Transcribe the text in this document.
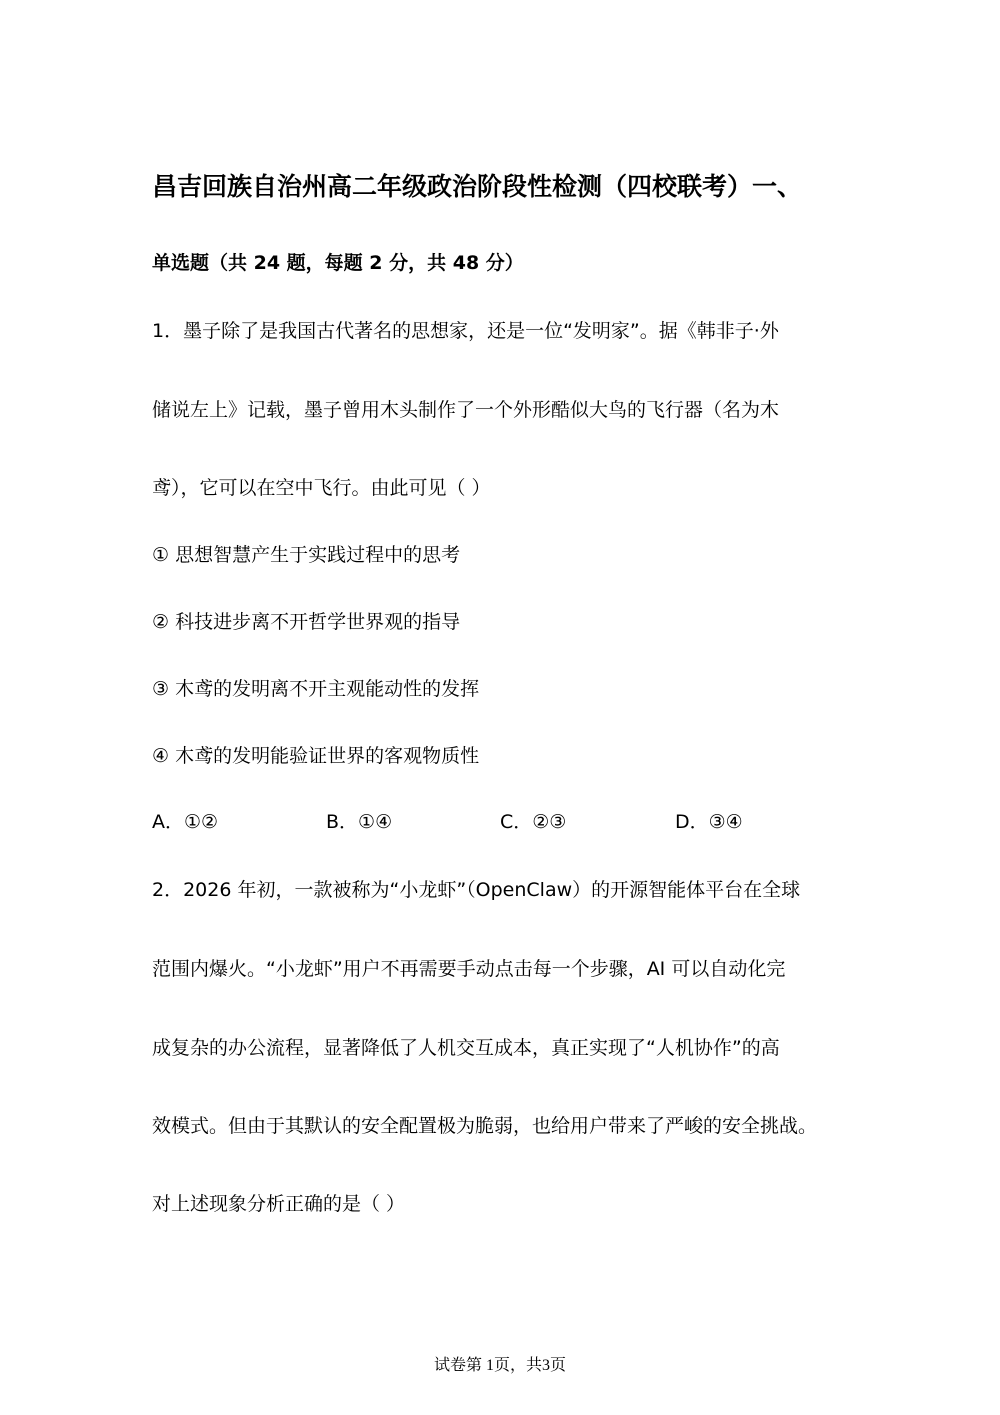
昌吉回族自治州高二年级政治阶段性检测（四校联考）一、
单选题（共 24 题，每题 2 分，共 48 分）
1．墨子除了是我国古代著名的思想家，还是一位“发明家”。据《韩非子·外
储说左上》记载，墨子曾用木头制作了一个外形酷似大鸟的飞行器（名为木
鸢），它可以在空中飞行。由此可见（ ）
① 思想智慧产生于实践过程中的思考
② 科技进步离不开哲学世界观的指导
③ 木鸢的发明离不开主观能动性的发挥
④ 木鸢的发明能验证世界的客观物质性
A．①②	B．①④	C．②③	D．③④
2．2026 年初，一款被称为“小龙虾”（OpenClaw）的开源智能体平台在全球
范围内爆火。“小龙虾”用户不再需要手动点击每一个步骤，AI 可以自动化完
成复杂的办公流程，显著降低了人机交互成本，真正实现了“人机协作”的高
效模式。但由于其默认的安全配置极为脆弱，也给用户带来了严峻的安全挑战。
对上述现象分析正确的是（ ）
试卷第 1页，共3页
